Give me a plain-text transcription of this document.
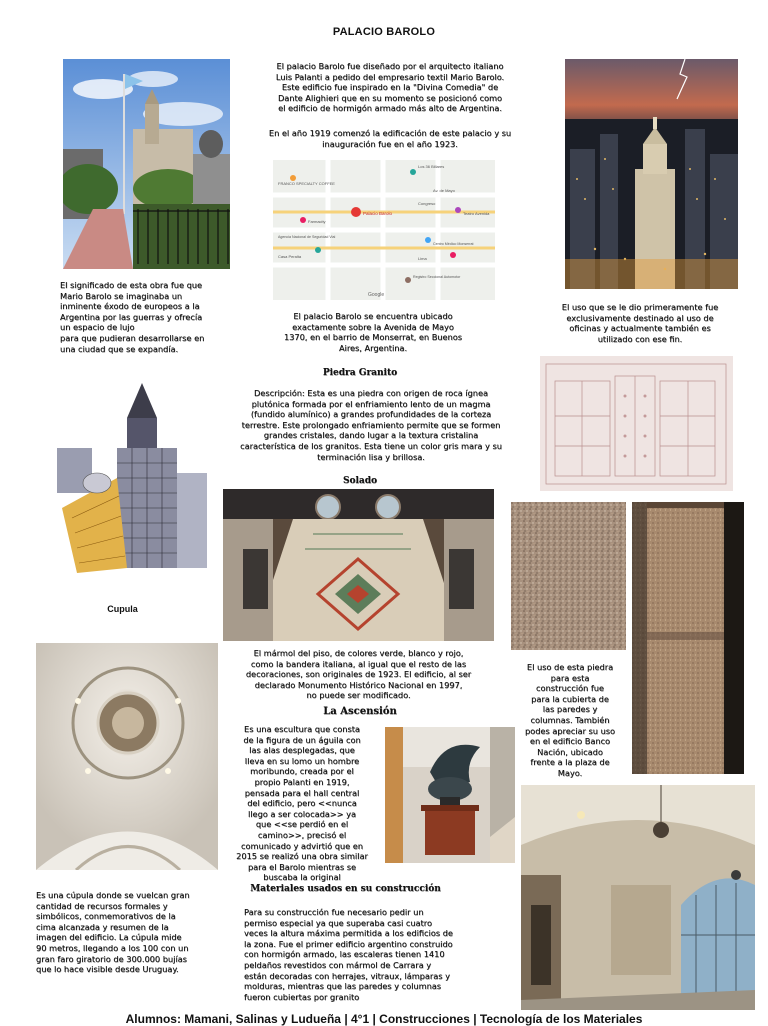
PALACIO BAROLO
El palacio Barolo fue diseñado por el arquitecto italiano
Luis Palanti a pedido del empresario textil Mario Barolo.
Este edificio fue inspirado en la "Divina Comedia" de
Dante Alighieri que en su momento se posicionó como
el edificio de hormigón armado más alto de Argentina.
En el año 1919 comenzó la edificación de este palacio y su
inauguración fue en el año 1923.
Palacio Barolo
FRANCO SPECIALTY COFFEE
Farmacity
Agencia Nacional de Seguridad Vial
Casa Peralta
Los 36 Billares
Av. de Mayo
Teatro Avenida
Congreso
Lima
Centro Médico Monserrat
Registro Seccional Automotor
Google
El significado de esta obra fue que
Mario Barolo se imaginaba un
inminente éxodo de europeos a la
Argentina por las guerras y ofrecía
un espacio de lujo
para que pudieran desarrollarse en
una ciudad que se expandía.
El palacio Barolo se encuentra ubicado
exactamente sobre la Avenida de Mayo
1370, en el barrio de Monserrat, en Buenos
Aires, Argentina.
El uso que se le dio primeramente fue
exclusivamente destinado al uso de
oficinas y actualmente también es
utilizado con ese fin.
Piedra Granito
Descripción: Esta es una piedra con origen de roca ígnea
plutónica formada por el enfriamiento lento de un magma
(fundido alumínico) a grandes profundidades de la corteza
terrestre. Este prolongado enfriamiento permite que se formen
grandes cristales, dando lugar a la textura cristalina
característica de los granitos. Esta tiene un color gris mara y su
terminación lisa y brillosa.
Solado
Cupula
El mármol del piso, de colores verde, blanco y rojo,
como la bandera italiana, al igual que el resto de las
decoraciones, son originales de 1923. El edificio, al ser
declarado Monumento Histórico Nacional en 1997,
no puede ser modificado.
El uso de esta piedra
para esta
construcción fue
para la cubierta de
las paredes y
columnas. También
podes apreciar su uso
en el edificio Banco
Nación, ubicado
frente a la plaza de
Mayo.
La Ascensión
Es una escultura que consta
de la figura de un águila con
las alas desplegadas, que
lleva en su lomo un hombre
moribundo, creada por el
propio Palanti en 1919,
pensada para el hall central
del edificio, pero <<nunca
llego a ser colocada>> ya
que <<se perdió en el
camino>>, precisó el
comunicado y advirtió que en
2015 se realizó una obra similar
para el Barolo mientras se
buscaba la original
Es una cúpula donde se vuelcan gran
cantidad de recursos formales y
simbólicos, conmemorativos de la
cima alcanzada y resumen de la
imagen del edificio. La cúpula mide
90 metros, llegando a los 100 con un
gran faro giratorio de 300.000 bujías
que lo hace visible desde Uruguay.
Materiales usados en su construcción
Para su construcción fue necesario pedir un
permiso especial ya que superaba casi cuatro
veces la altura máxima permitida a los edificios de
la zona. Fue el primer edificio argentino construido
con hormigón armado, las escaleras tienen 1410
peldaños revestidos con mármol de Carrara y
están decoradas con herrajes, vitraux, lámparas y
molduras, mientras que las paredes y columnas
fueron cubiertas por granito
Alumnos: Mamani, Salinas y Ludueña | 4°1 | Construcciones | Tecnología de los Materiales
